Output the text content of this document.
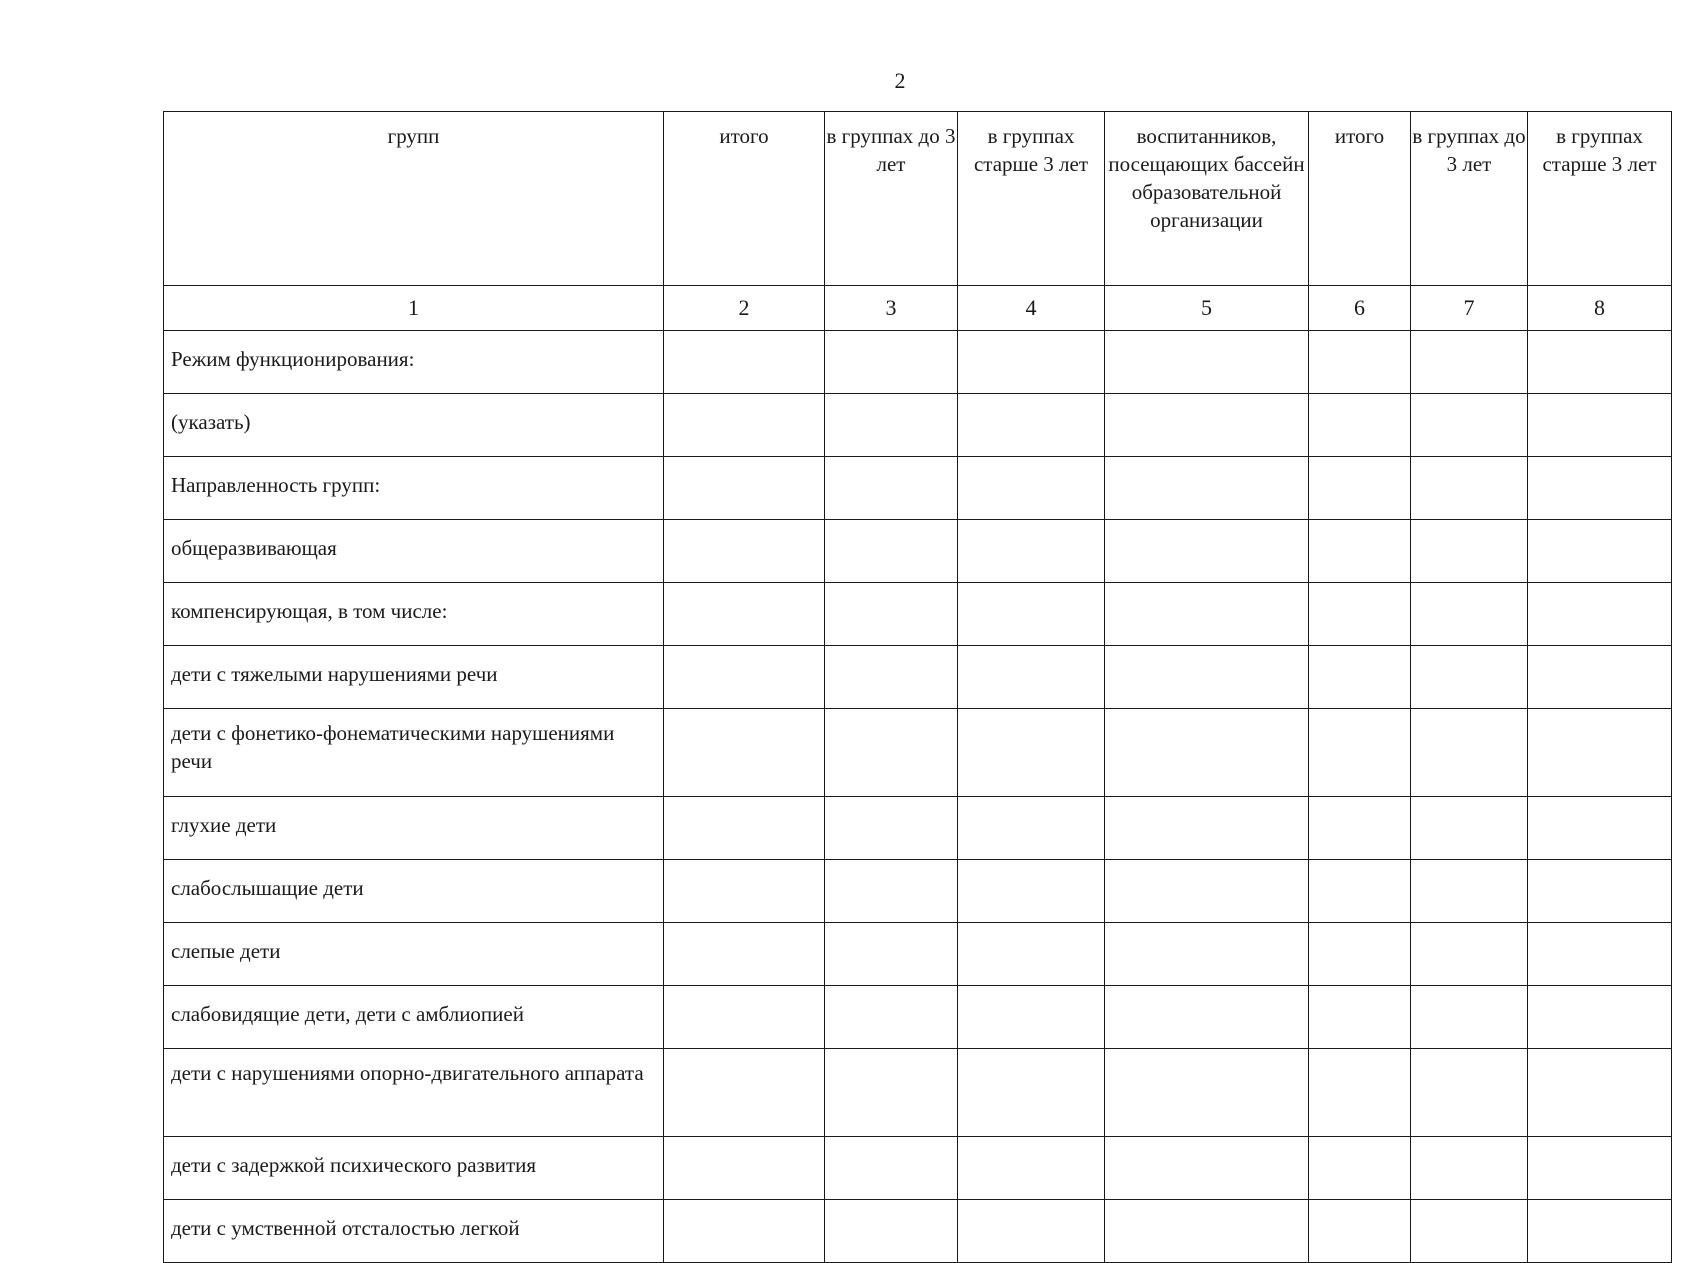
2
групп	итого	в группах до 3 лет	в группах старше 3 лет	воспитанников, посещающих бассейн образовательной организации	итого	в группах до 3 лет	в группах старше 3 лет
1	2	3	4	5	6	7	8
Режим функционирования:							
(указать)							
Направленность групп:							
общеразвивающая							
компенсирующая, в том числе:							
дети с тяжелыми нарушениями речи							
дети с фонетико-фонематическими нарушениями речи							
глухие дети							
слабослышащие дети							
слепые дети							
слабовидящие дети, дети с амблиопией							
дети с нарушениями опорно-двигательного аппарата							
дети с задержкой психического развития							
дети с умственной отсталостью легкой							
